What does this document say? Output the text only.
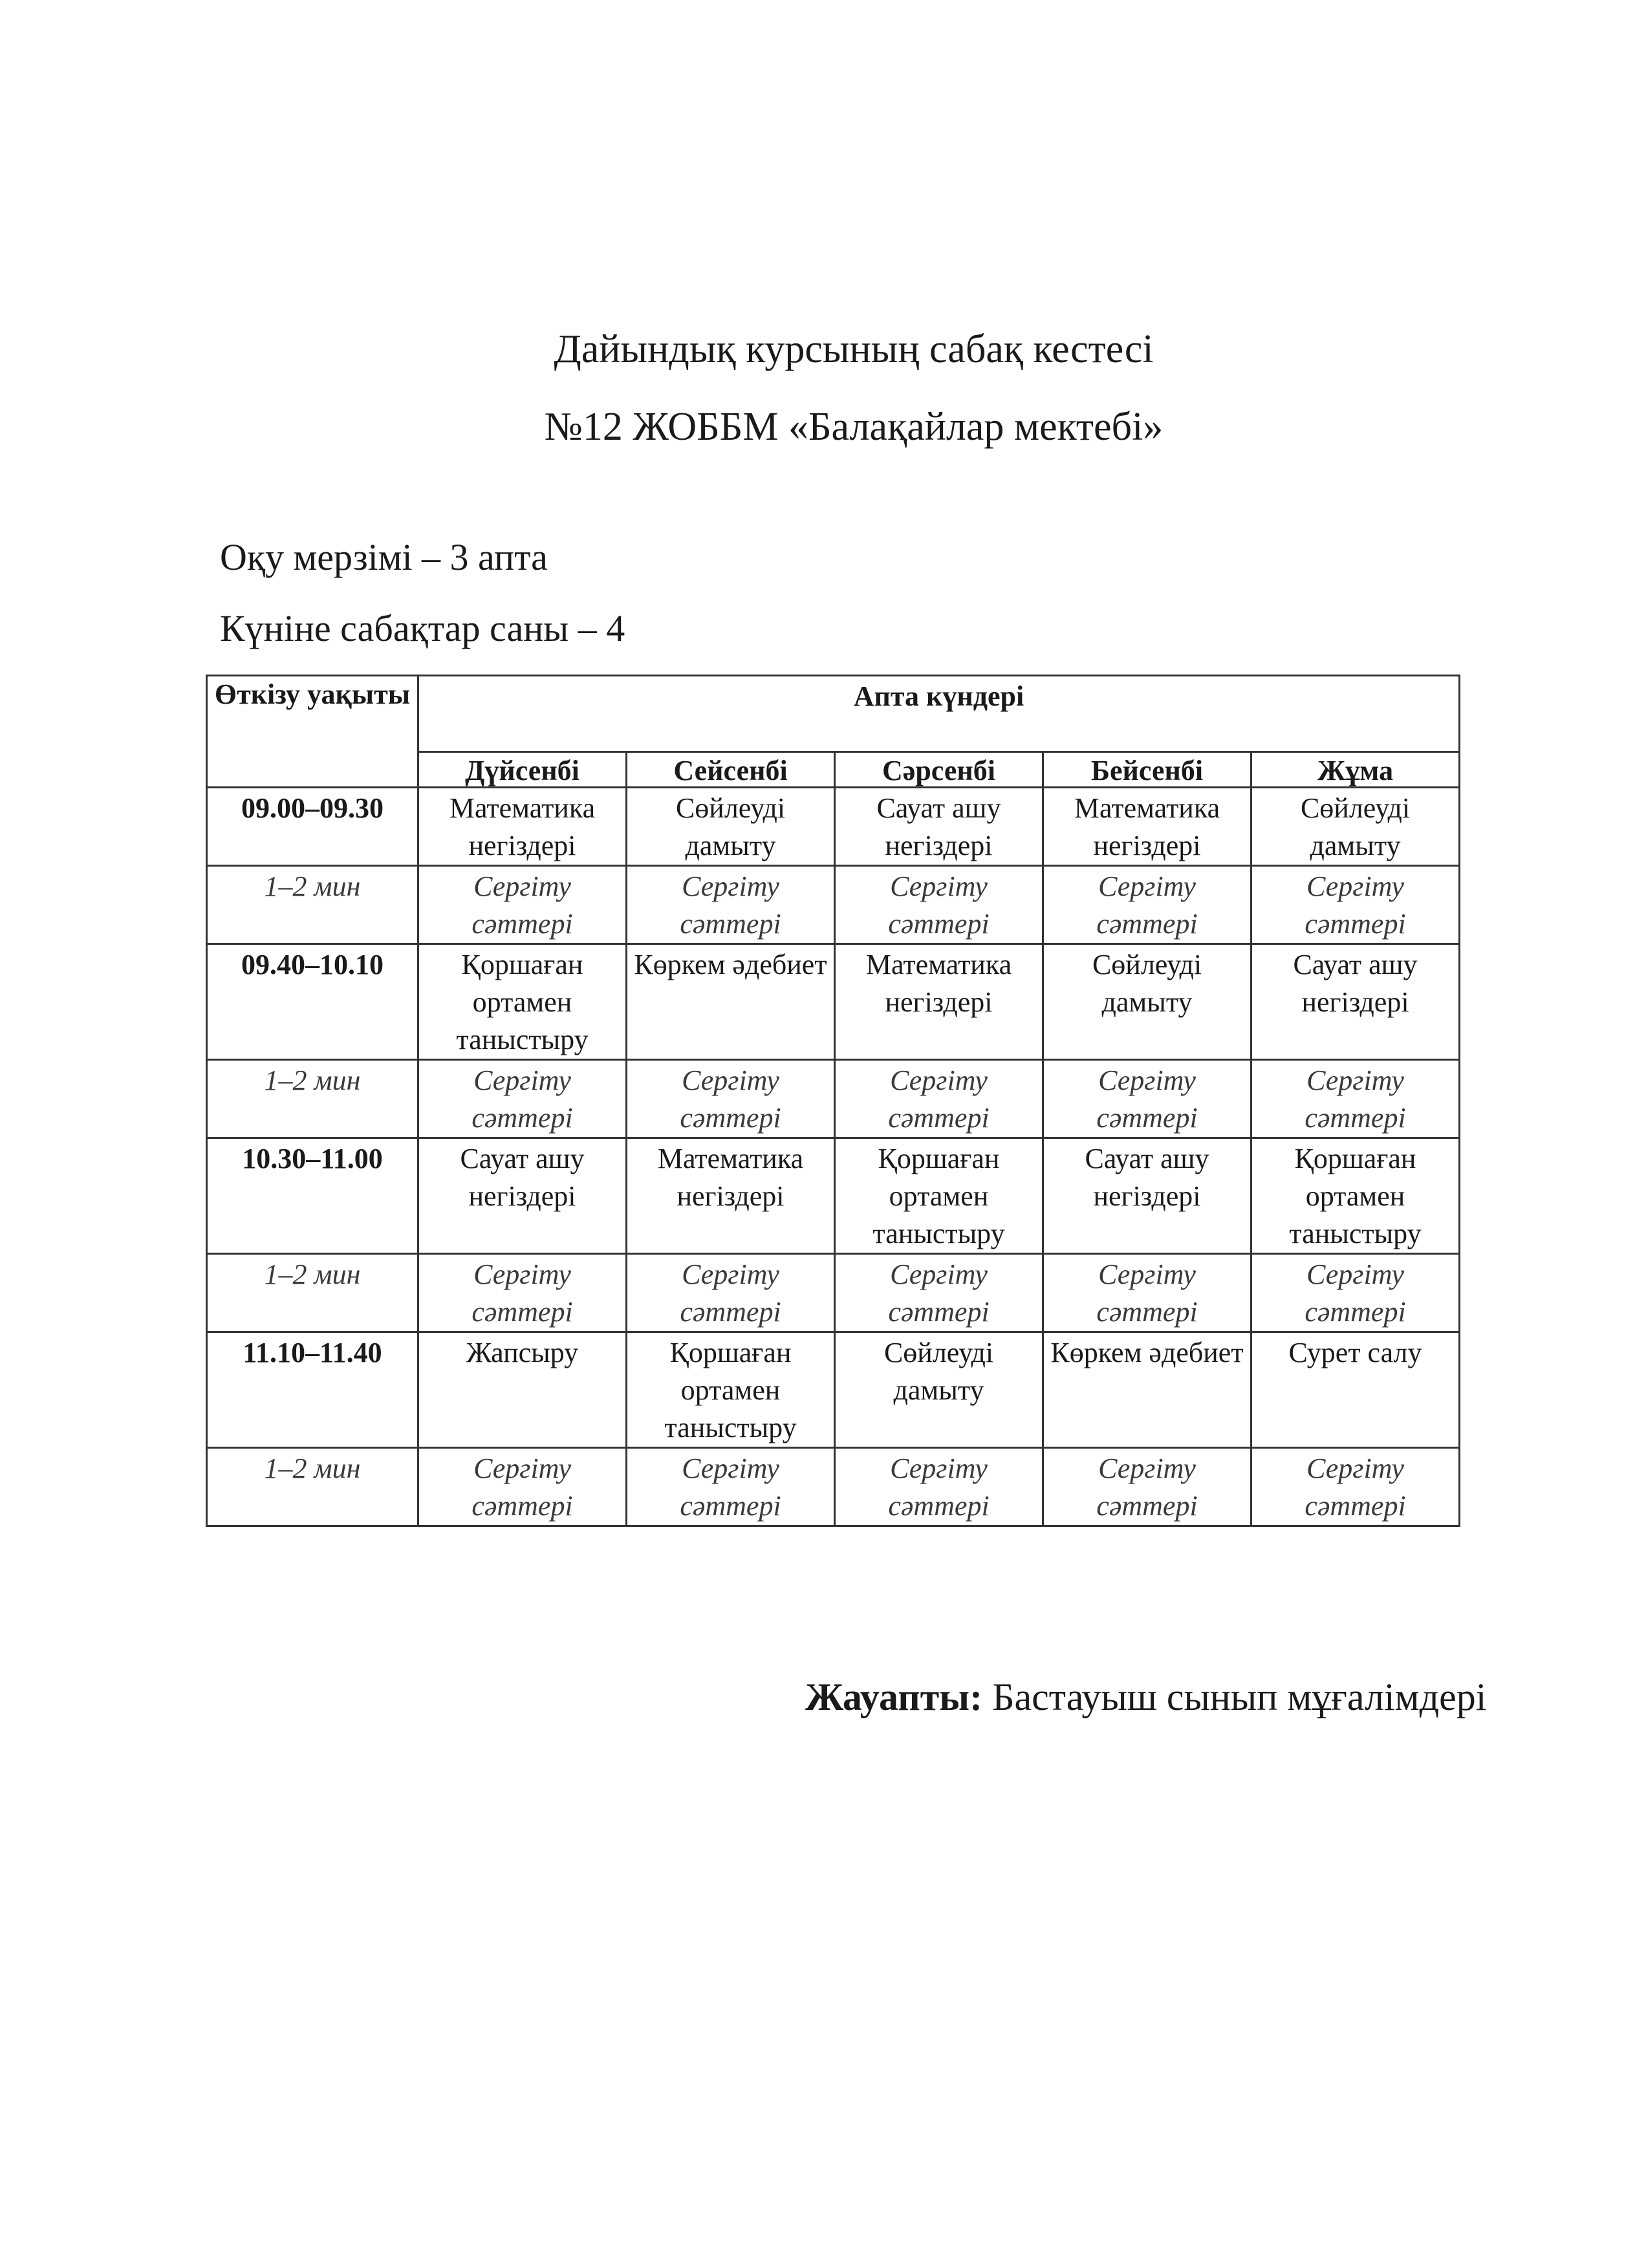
Дайындық курсының сабақ кестесі
№12 ЖОББМ «Балақайлар мектебі»

Оқу мерзімі – 3 апта

Күніне сабақтар саны – 4

Өткізу уақыты	Апта күндері				
	Дүйсенбі	Сейсенбі	Сәрсенбі	Бейсенбі	Жұма
09.00–09.30	Математика негіздері	Сөйлеуді дамыту	Сауат ашу негіздері	Математика негіздері	Сөйлеуді дамыту
1–2 мин	Сергіту сәттері	Сергіту сәттері	Сергіту сәттері	Сергіту сәттері	Сергіту сәттері
09.40–10.10	Қоршаған ортамен таныстыру	Көркем әдебиет	Математика негіздері	Сөйлеуді дамыту	Сауат ашу негіздері
1–2 мин	Сергіту сәттері	Сергіту сәттері	Сергіту сәттері	Сергіту сәттері	Сергіту сәттері
10.30–11.00	Сауат ашу негіздері	Математика негіздері	Қоршаған ортамен таныстыру	Сауат ашу негіздері	Қоршаған ортамен таныстыру
1–2 мин	Сергіту сәттері	Сергіту сәттері	Сергіту сәттері	Сергіту сәттері	Сергіту сәттері
11.10–11.40	Жапсыру	Қоршаған ортамен таныстыру	Сөйлеуді дамыту	Көркем әдебиет	Сурет салу
1–2 мин	Сергіту сәттері	Сергіту сәттері	Сергіту сәттері	Сергіту сәттері	Сергіту сәттері

Жауапты: Бастауыш сынып мұғалімдері
